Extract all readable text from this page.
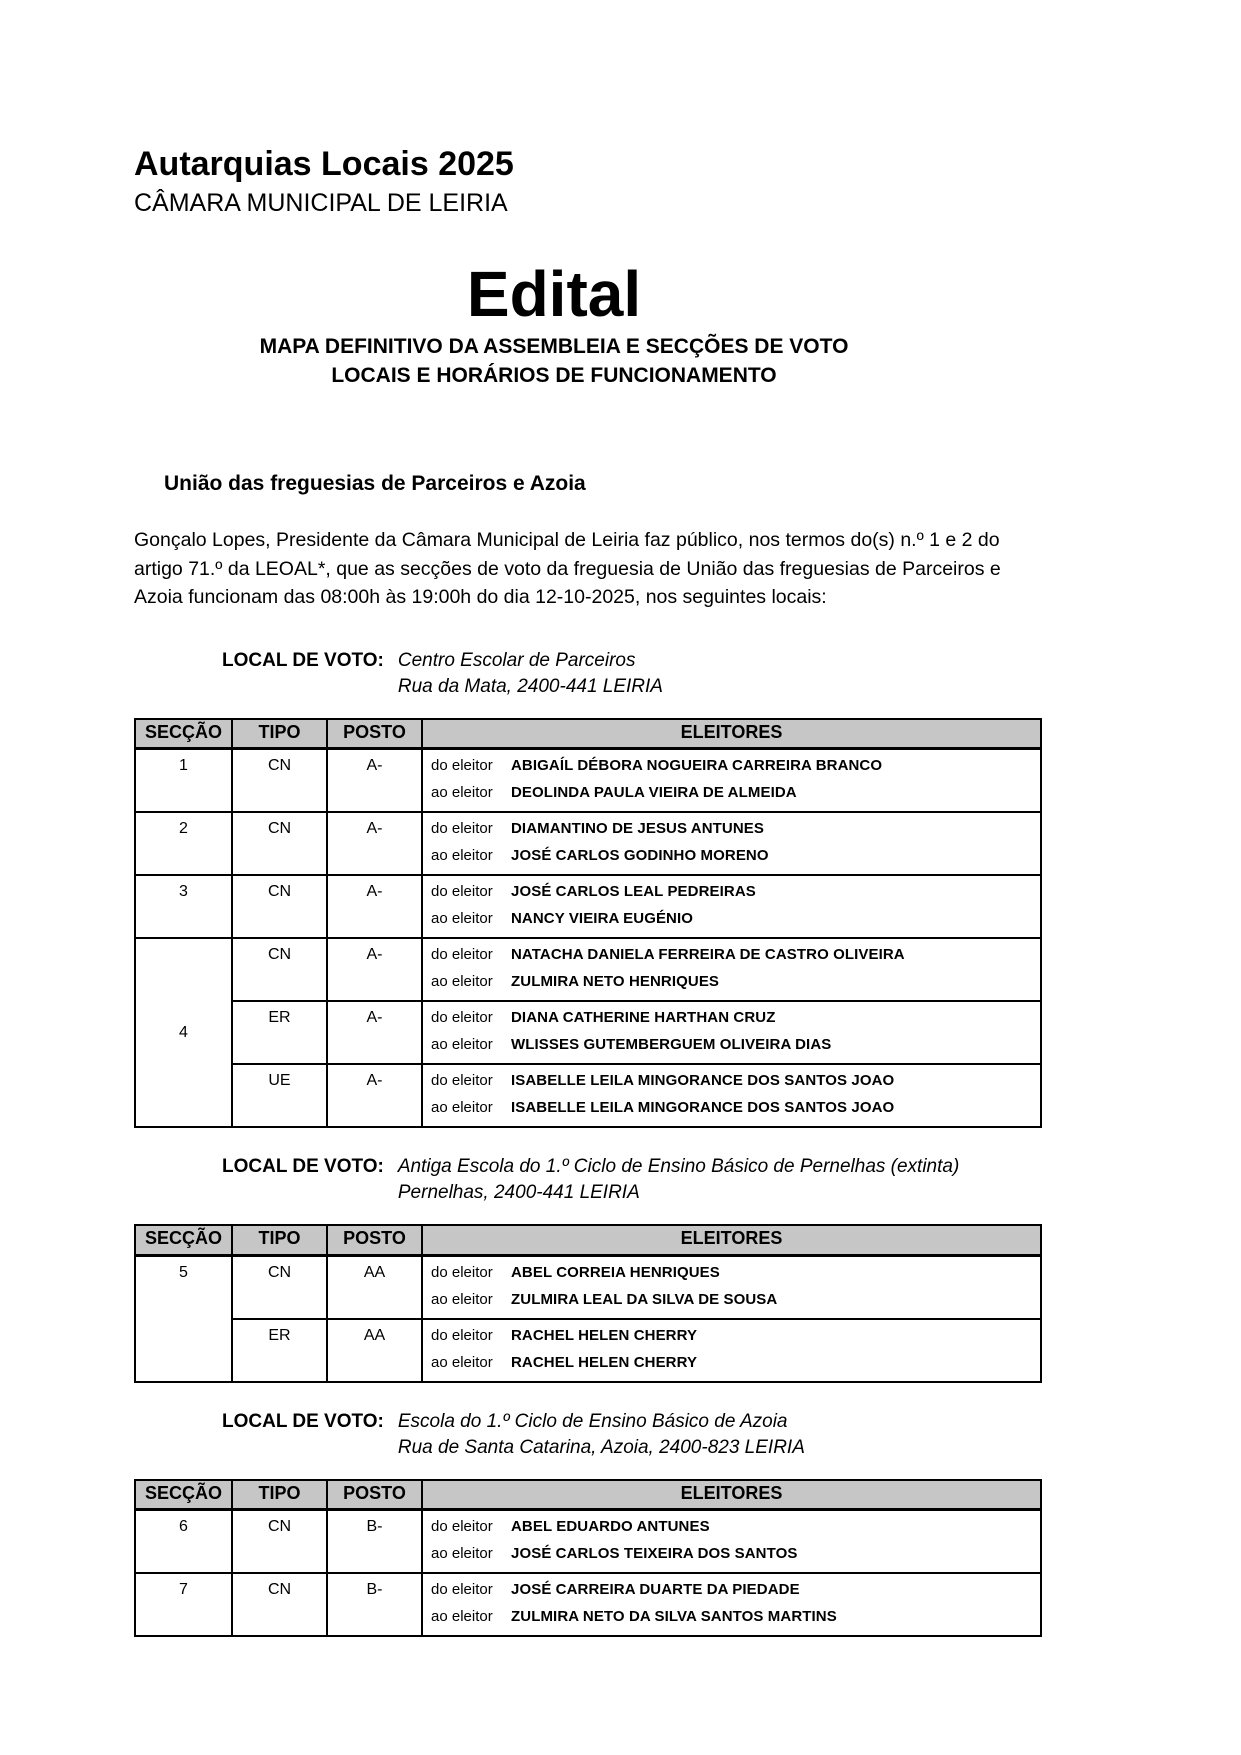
Autarquias Locais 2025
CÂMARA MUNICIPAL DE LEIRIA
Edital
MAPA DEFINITIVO DA ASSEMBLEIA E SECÇÕES DE VOTO
LOCAIS E HORÁRIOS DE FUNCIONAMENTO
União das freguesias de Parceiros e Azoia

Gonçalo Lopes, Presidente da Câmara Municipal de Leiria faz público, nos termos do(s) n.º 1 e 2 do artigo 71.º da LEOAL*, que as secções de voto da freguesia de União das freguesias de Parceiros e Azoia funcionam das 08:00h às 19:00h do dia 12-10-2025, nos seguintes locais:

LOCAL DE VOTO: Centro Escolar de Parceiros
Rua da Mata, 2400-441 LEIRIA
SECÇÃO	TIPO	POSTO	ELEITORES
1	CN	A-	do eleitor ABIGAÍL DÉBORA NOGUEIRA CARREIRA BRANCO
ao eleitor DEOLINDA PAULA VIEIRA DE ALMEIDA

2	CN	A-	do eleitor DIAMANTINO DE JESUS ANTUNES
ao eleitor JOSÉ CARLOS GODINHO MORENO

3	CN	A-	do eleitor JOSÉ CARLOS LEAL PEDREIRAS
ao eleitor NANCY VIEIRA EUGÉNIO

4	CN	A-	do eleitor NATACHA DANIELA FERREIRA DE CASTRO OLIVEIRA
ao eleitor ZULMIRA NETO HENRIQUES

	ER	A-	do eleitor DIANA CATHERINE HARTHAN CRUZ
ao eleitor WLISSES GUTEMBERGUEM OLIVEIRA DIAS

	UE	A-	do eleitor ISABELLE LEILA MINGORANCE DOS SANTOS JOAO
ao eleitor ISABELLE LEILA MINGORANCE DOS SANTOS JOAO
LOCAL DE VOTO: Antiga Escola do 1.º Ciclo de Ensino Básico de Pernelhas (extinta)
Pernelhas, 2400-441 LEIRIA
SECÇÃO	TIPO	POSTO	ELEITORES
5	CN	AA	do eleitor ABEL CORREIA HENRIQUES
ao eleitor ZULMIRA LEAL DA SILVA DE SOUSA

	ER	AA	do eleitor RACHEL HELEN CHERRY
ao eleitor RACHEL HELEN CHERRY
LOCAL DE VOTO: Escola do 1.º Ciclo de Ensino Básico de Azoia
Rua de Santa Catarina, Azoia, 2400-823 LEIRIA
SECÇÃO	TIPO	POSTO	ELEITORES
6	CN	B-	do eleitor ABEL EDUARDO ANTUNES
ao eleitor JOSÉ CARLOS TEIXEIRA DOS SANTOS

7	CN	B-	do eleitor JOSÉ CARREIRA DUARTE DA PIEDADE
ao eleitor ZULMIRA NETO DA SILVA SANTOS MARTINS
